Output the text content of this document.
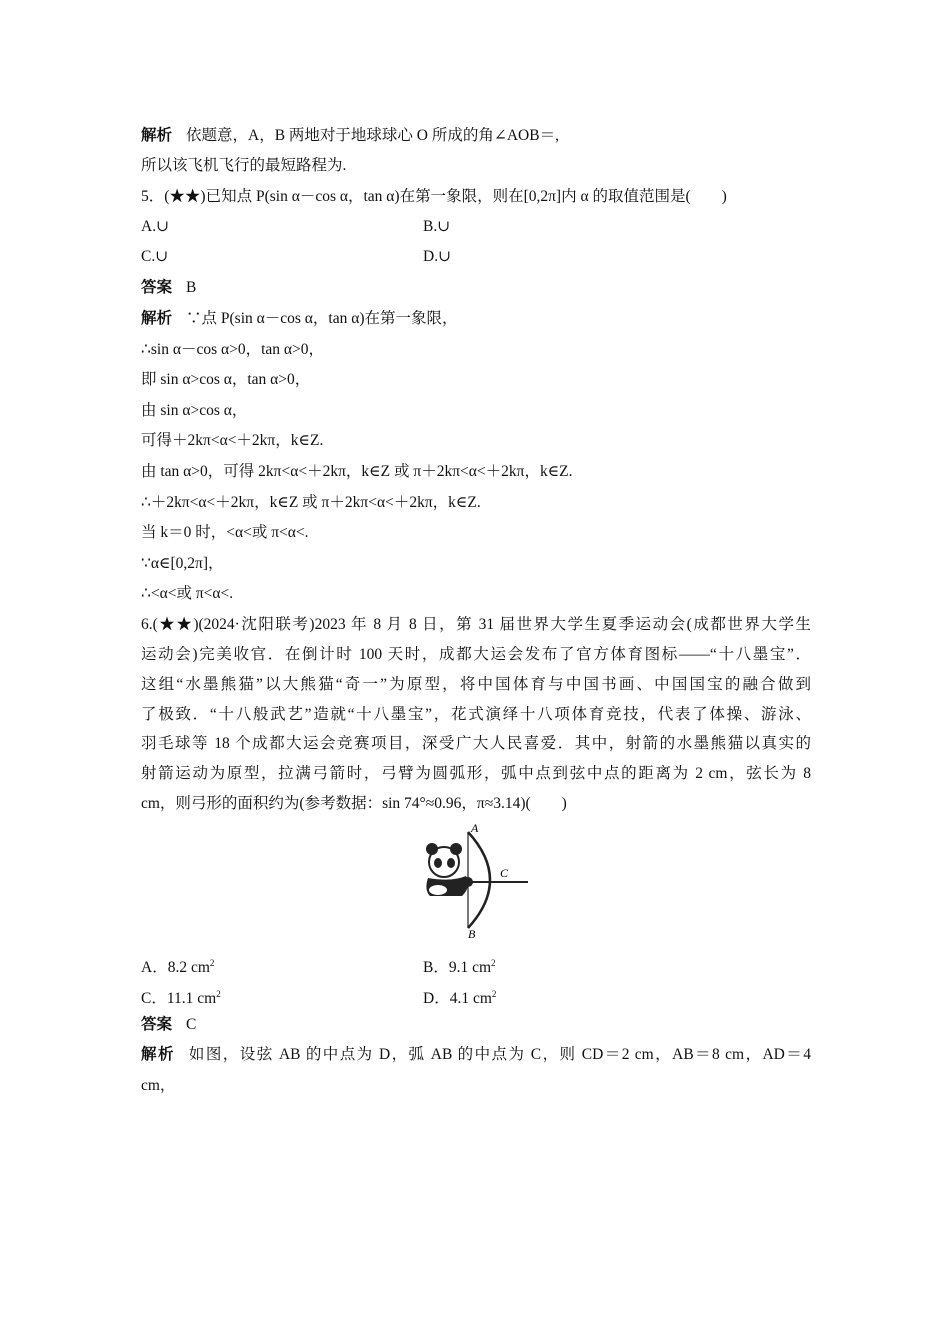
解析 依题意，A，B 两地对于地球球心 O 所成的角∠AOB＝,
所以该飞机飞行的最短路程为.
5．(★★)已知点 P(sin α－cos α，tan α)在第一象限，则在[0,2π]内 α 的取值范围是(　　)
A.∪	B.∪
C.∪	D.∪
答案 B
解析 ∵点 P(sin α－cos α，tan α)在第一象限，
∴sin α－cos α>0，tan α>0，
即 sin α>cos α，tan α>0，
由 sin α>cos α，
可得＋2kπ<α<＋2kπ，k∈Z.
由 tan α>0，可得 2kπ<α<＋2kπ，k∈Z 或 π＋2kπ<α<＋2kπ，k∈Z.
∴＋2kπ<α<＋2kπ，k∈Z 或 π＋2kπ<α<＋2kπ，k∈Z.
当 k＝0 时，<α<或 π<α<.
∵α∈[0,2π]，
∴<α<或 π<α<.
6.(★★)(2024·沈阳联考)2023 年 8 月 8 日，第 31 届世界大学生夏季运动会(成都世界大学生
运动会)完美收官．在倒计时 100 天时，成都大运会发布了官方体育图标——“十八墨宝”．
这组“水墨熊猫”以大熊猫“奇一”为原型，将中国体育与中国书画、中国国宝的融合做到
了极致．“十八般武艺”造就“十八墨宝”，花式演绎十八项体育竞技，代表了体操、游泳、
羽毛球等 18 个成都大运会竞赛项目，深受广大人民喜爱．其中，射箭的水墨熊猫以真实的
射箭运动为原型，拉满弓箭时，弓臂为圆弧形，弧中点到弦中点的距离为 2 cm，弦长为 8
cm，则弓形的面积约为(参考数据：sin 74°≈0.96，π≈3.14)(　　)
A
C
B
A．8.2 $cm^2$	B．9.1 $cm^2$
C．11.1 $cm^2$	D．4.1 $cm^2$
答案 C
解析 如图，设弦 AB 的中点为 D，弧 AB 的中点为 C，则 CD＝2 cm，AB＝8 cm，AD＝4
cm，
